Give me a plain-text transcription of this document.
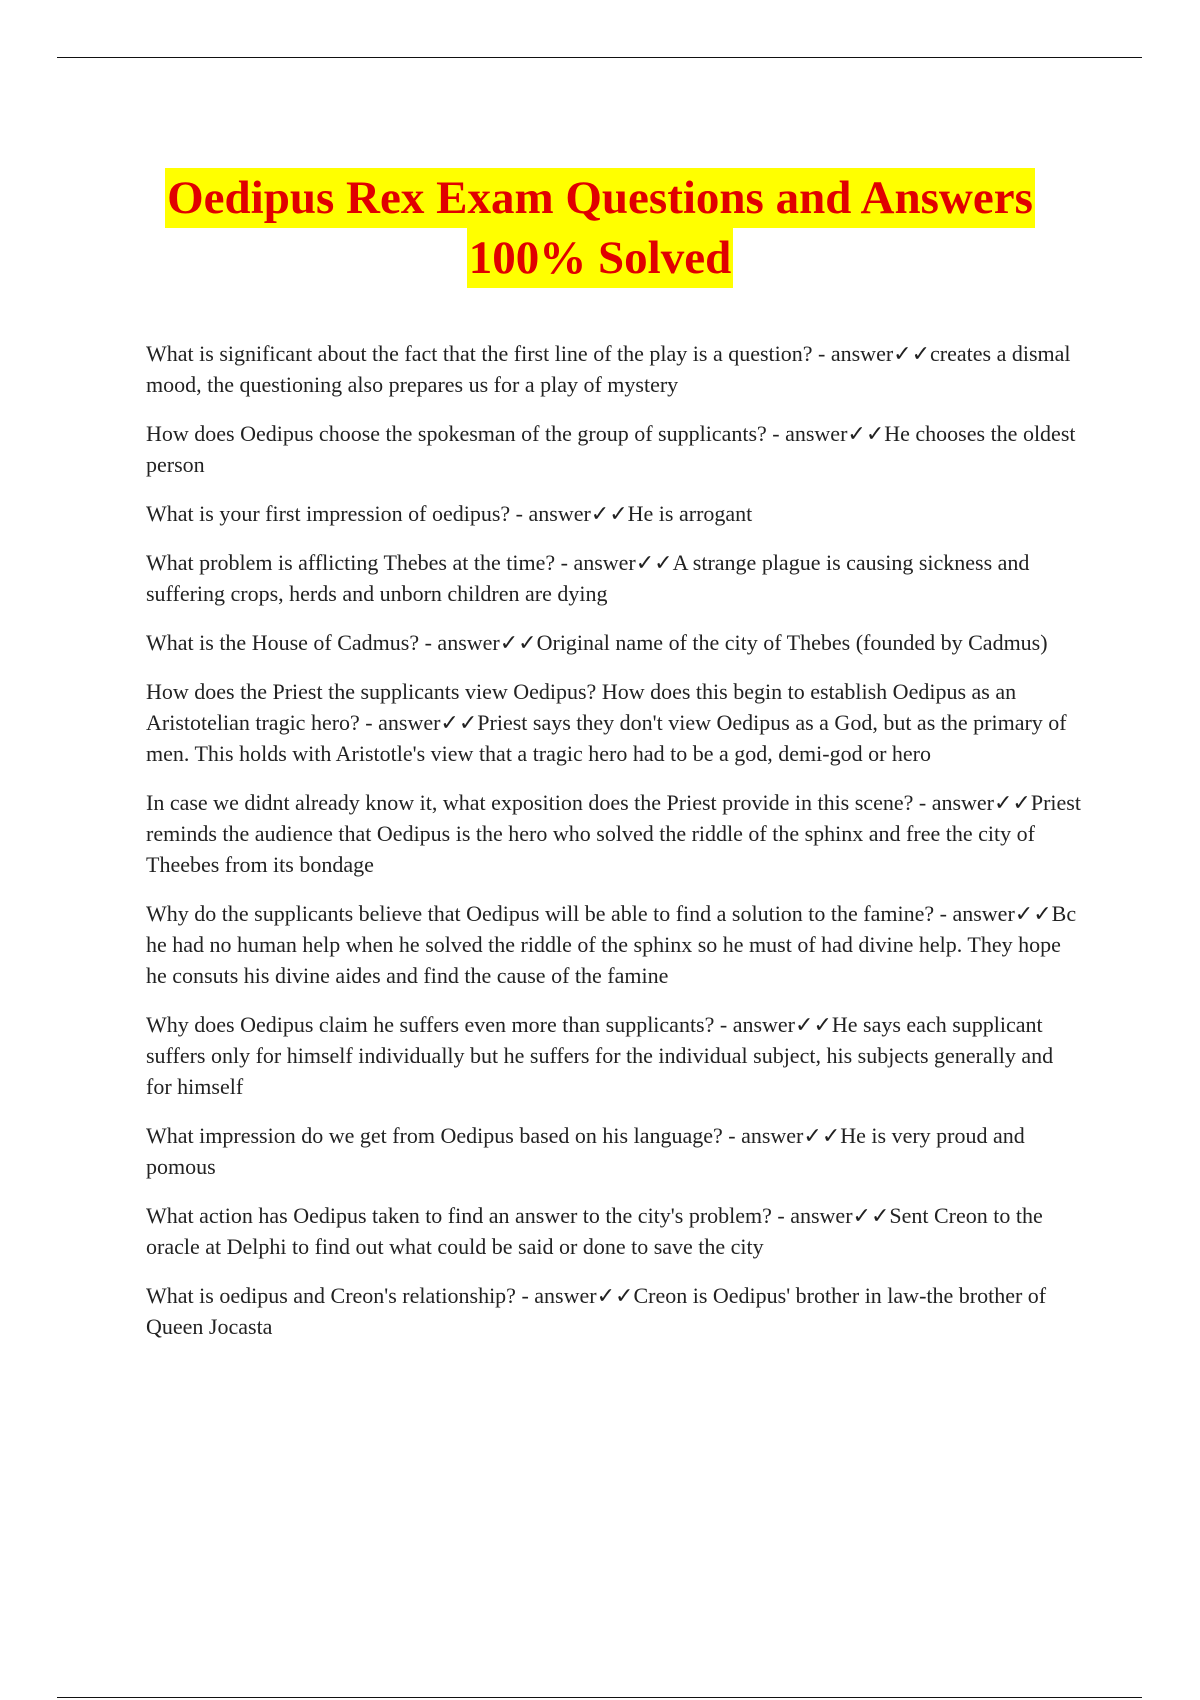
Oedipus Rex Exam Questions and Answers
100% Solved

What is significant about the fact that the first line of the play is a question? - answer✓✓creates a dismal mood, the questioning also prepares us for a play of mystery

How does Oedipus choose the spokesman of the group of supplicants? - answer✓✓He chooses the oldest person

What is your first impression of oedipus? - answer✓✓He is arrogant

What problem is afflicting Thebes at the time? - answer✓✓A strange plague is causing sickness and suffering crops, herds and unborn children are dying

What is the House of Cadmus? - answer✓✓Original name of the city of Thebes (founded by Cadmus)

How does the Priest the supplicants view Oedipus? How does this begin to establish Oedipus as an Aristotelian tragic hero? - answer✓✓Priest says they don't view Oedipus as a God, but as the primary of men. This holds with Aristotle's view that a tragic hero had to be a god, demi-god or hero

In case we didnt already know it, what exposition does the Priest provide in this scene? - answer✓✓Priest reminds the audience that Oedipus is the hero who solved the riddle of the sphinx and free the city of Theebes from its bondage

Why do the supplicants believe that Oedipus will be able to find a solution to the famine? - answer✓✓Bc he had no human help when he solved the riddle of the sphinx so he must of had divine help. They hope he consuts his divine aides and find the cause of the famine

Why does Oedipus claim he suffers even more than supplicants? - answer✓✓He says each supplicant suffers only for himself individually but he suffers for the individual subject, his subjects generally and for himself

What impression do we get from Oedipus based on his language? - answer✓✓He is very proud and pomous

What action has Oedipus taken to find an answer to the city's problem? - answer✓✓Sent Creon to the oracle at Delphi to find out what could be said or done to save the city

What is oedipus and Creon's relationship? - answer✓✓Creon is Oedipus' brother in law-the brother of Queen Jocasta
